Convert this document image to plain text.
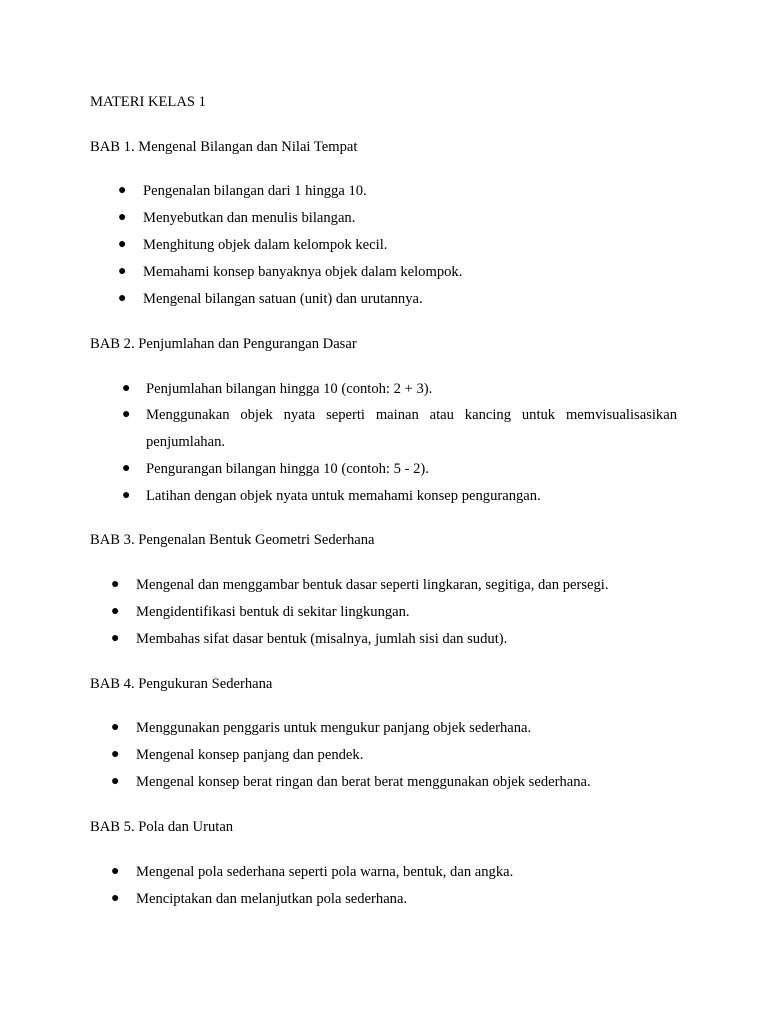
MATERI KELAS 1
BAB 1. Mengenal Bilangan dan Nilai Tempat
● Pengenalan bilangan dari 1 hingga 10.
● Menyebutkan dan menulis bilangan.
● Menghitung objek dalam kelompok kecil.
● Memahami konsep banyaknya objek dalam kelompok.
● Mengenal bilangan satuan (unit) dan urutannya.
BAB 2. Penjumlahan dan Pengurangan Dasar
● Penjumlahan bilangan hingga 10 (contoh: 2 + 3).
● Menggunakan objek nyata seperti mainan atau kancing untuk memvisualisasikan
penjumlahan.
● Pengurangan bilangan hingga 10 (contoh: 5 - 2).
● Latihan dengan objek nyata untuk memahami konsep pengurangan.
BAB 3. Pengenalan Bentuk Geometri Sederhana
● Mengenal dan menggambar bentuk dasar seperti lingkaran, segitiga, dan persegi.
● Mengidentifikasi bentuk di sekitar lingkungan.
● Membahas sifat dasar bentuk (misalnya, jumlah sisi dan sudut).
BAB 4. Pengukuran Sederhana
● Menggunakan penggaris untuk mengukur panjang objek sederhana.
● Mengenal konsep panjang dan pendek.
● Mengenal konsep berat ringan dan berat berat menggunakan objek sederhana.
BAB 5. Pola dan Urutan
● Mengenal pola sederhana seperti pola warna, bentuk, dan angka.
● Menciptakan dan melanjutkan pola sederhana.
